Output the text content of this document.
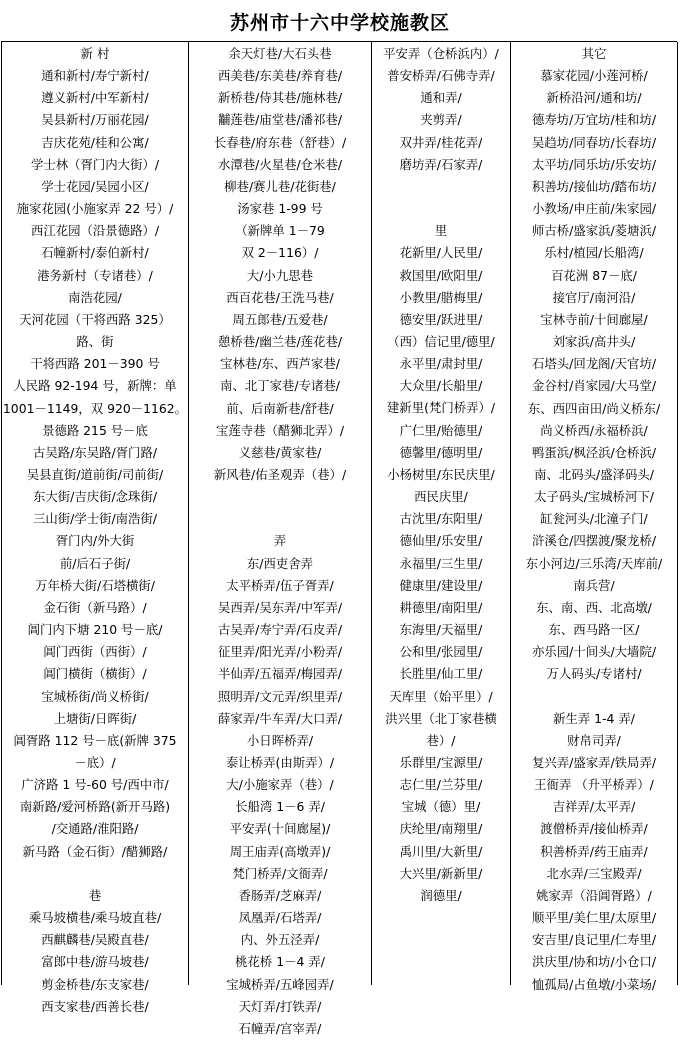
苏州市十六中学校施教区
新 村
通和新村/寿宁新村/
遵义新村/中军新村/
吴县新村/万丽花园/
吉庆花苑/桂和公寓/
学士林（胥门内大街）/
学士花园/吴园小区/
施家花园(小施家弄 22 号）/
西江花园（沿景德路）/
石幢新村/泰伯新村/
港务新村（专诸巷）/
南浩花园/
天河花园（干将西路 325）
路、街
干将西路 201－390 号
人民路 92-194 号，新牌：单
1001－1149，双 920－1162。
景德路 215 号－底
古吴路/东吴路/胥门路/
吴县直街/道前街/司前街/
东大街/吉庆街/念珠街/
三山街/学士街/南浩街/
胥门内/外大街
前/后石子街/
万年桥大街/石塔横街/
金石街（新马路）/
阊门内下塘 210 号－底/
阊门西街（西街）/
阊门横街（横街）/
宝城桥街/尚义桥街/
上塘街/日晖街/
阊胥路 112 号－底(新牌 375
－底）/
广济路 1 号-60 号/西中市/
南新路/爱河桥路(新开马路)
/交通路/淮阳路/
新马路（金石街）/醋狮路/
巷
乘马坡横巷/乘马坡直巷/
西麒麟巷/吴殿直巷/
富郎中巷/游马坡巷/
剪金桥巷/东支家巷/
西支家巷/西善长巷/
余天灯巷/大石头巷
西美巷/东美巷/养育巷/
新桥巷/侍其巷/施林巷/
黼莲巷/庙堂巷/潘祁巷/
长春巷/府东巷（舒巷）/
水潭巷/火星巷/仓米巷/
柳巷/赛儿巷/花街巷/
汤家巷 1-99 号
（新牌单 1－79
双 2－116）/
大/小九思巷
西百花巷/王洗马巷/
周五郎巷/五爱巷/
憩桥巷/幽兰巷/莲花巷/
宝林巷/东、西芦家巷/
南、北丁家巷/专诸巷/
前、后南新巷/舒巷/
宝莲寺巷（醋狮北弄）/
义慈巷/黄家巷/
新风巷/佑圣观弄（巷）/
弄
东/西吏舍弄
太平桥弄/伍子胥弄/
吴西弄/吴东弄/中军弄/
古吴弄/寿宁弄/石皮弄/
征里弄/阳光弄/小粉弄/
半仙弄/五福弄/梅园弄/
照明弄/文元弄/织里弄/
薛家弄/牛车弄/大口弄/
小日晖桥弄/
泰让桥弄(由斯弄）/
大/小施家弄（巷）/
长船湾 1－6 弄/
平安弄(十间廊屋)/
周王庙弄(高墩弄)/
梵门桥弄/文衙弄/
香肠弄/芝麻弄/
凤凰弄/石塔弄/
内、外五泾弄/
桃花桥 1－4 弄/
宝城桥弄/五峰园弄/
天灯弄/打铁弄/
石幢弄/宫宰弄/
平安弄（仓桥浜内）/
普安桥弄/石佛寺弄/
通和弄/
夹剪弄/
双井弄/桂花弄/
磨坊弄/石家弄/
里
花新里/人民里/
救国里/欧阳里/
小教里/腊梅里/
德安里/跃进里/
（西）信记里/德里/
永平里/肃封里/
大众里/长船里/
建新里(梵门桥弄）/
广仁里/贻德里/
德馨里/德明里/
小杨树里/东民庆里/
西民庆里/
古沈里/东阳里/
德仙里/乐安里/
永福里/三生里/
健康里/建设里/
耕德里/南阳里/
东海里/天福里/
公和里/张园里/
长胜里/仙工里/
天库里（始平里）/
洪兴里（北丁家巷横
巷）/
乐群里/宝源里/
志仁里/兰芬里/
宝城（德）里/
庆纶里/南翔里/
禹川里/大新里/
大兴里/新新里/
润德里/
其它
慕家花园/小莲河桥/
新桥沿河/通和坊/
德寿坊/万宜坊/桂和坊/
吴趋坊/同春坊/长春坊/
太平坊/同乐坊/乐安坊/
积善坊/接仙坊/踏布坊/
小教场/申庄前/朱家园/
师古桥/盛家浜/菱塘浜/
乐村/植园/长船湾/
百花洲 87－底/
接官厅/南河沿/
宝林寺前/十间廊屋/
刘家浜/高井头/
石塔头/回龙阁/天官坊/
金谷村/肖家园/大马堂/
东、西四亩田/尚义桥东/
尚义桥西/永福桥浜/
鸭蛋浜/枫泾浜/仓桥浜/
南、北码头/盛泽码头/
太子码头/宝城桥河下/
缸瓮河头/北潼子门/
浒溪仓/四摆渡/聚龙桥/
东小河边/三乐湾/天库前/
南兵营/
东、南、西、北高墩/
东、西马路一区/
亦乐园/十间头/大墙院/
万人码头/专诸村/
新生弄 1-4 弄/
财帛司弄/
复兴弄/盛家弄/铁局弄/
王衙弄 （升平桥弄）/
吉祥弄/太平弄/
渡僧桥弄/接仙桥弄/
积善桥弄/药王庙弄/
北水弄/三宝殿弄/
姚家弄（沿阊胥路）/
顺平里/美仁里/太原里/
安吉里/良记里/仁寿里/
洪庆里/协和坊/小仓口/
恤孤局/占鱼墩/小菜场/
